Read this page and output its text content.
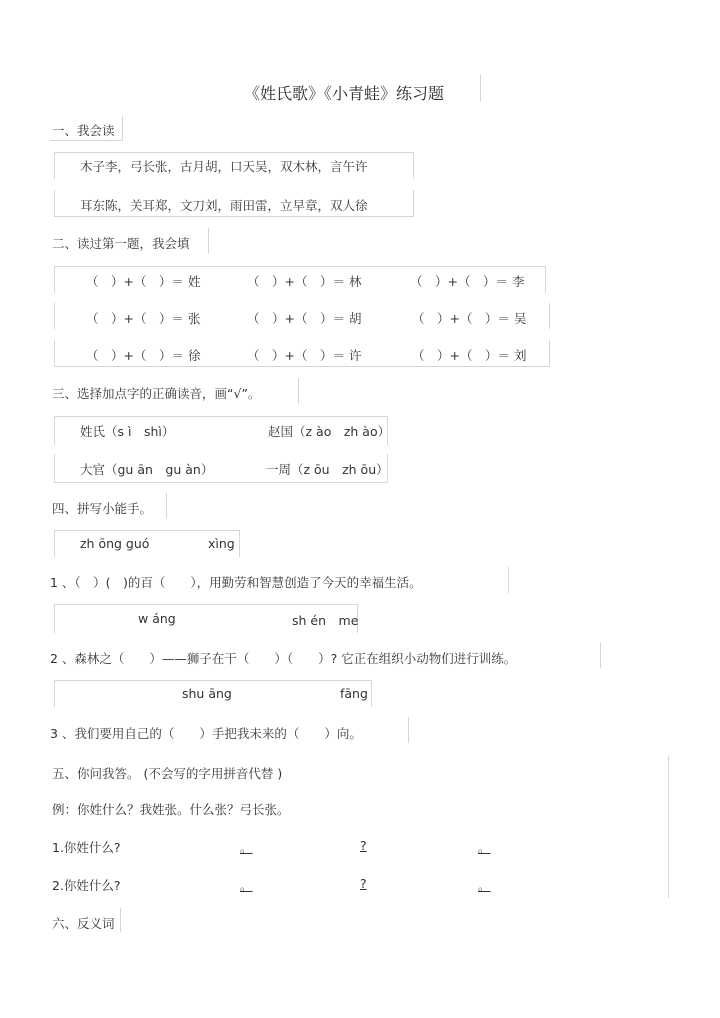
《姓氏歌》《小青蛙》练习题
一、我会读
木子李，弓长张，古月胡，口天吴，双木林，言午许
耳东陈，关耳郑，文刀刘，雨田雷，立早章，双人徐
二、读过第一题，我会填
（　）+（　）＝ 姓	（　）+（　）＝ 林	（　）+（　）＝ 李
（　）+（　）＝ 张	（　）+（　）＝ 胡	（　）+（　）＝ 吴
（　）+（　）＝ 徐	（　）+（　）＝ 许	（　）+（　）＝ 刘
三、选择加点字的正确读音，画“√”。
姓氏（s ì　shì）	赵国（z ào　zh ào）
大官（gu ān　gu àn）	一周（z ōu　zh ōu）
四、拼写小能手。
zh ōng guó	xìng
1 、（　）(　)的百（　　），用勤劳和智慧创造了今天的幸福生活。
w áng	sh én　me
2 、森林之（　　）——狮子在干（　　）（　　）? 它正在组织小动物们进行训练。
shu āng	fāng
3 、我们要用自己的（　　）手把我未来的（　　）向。
五、你问我答。 (不会写的字用拼音代替 )
例：你姓什么？我姓张。什么张？弓长张。
1.你姓什么?	。	?	。
2.你姓什么?	。	?	。
六、反义词
